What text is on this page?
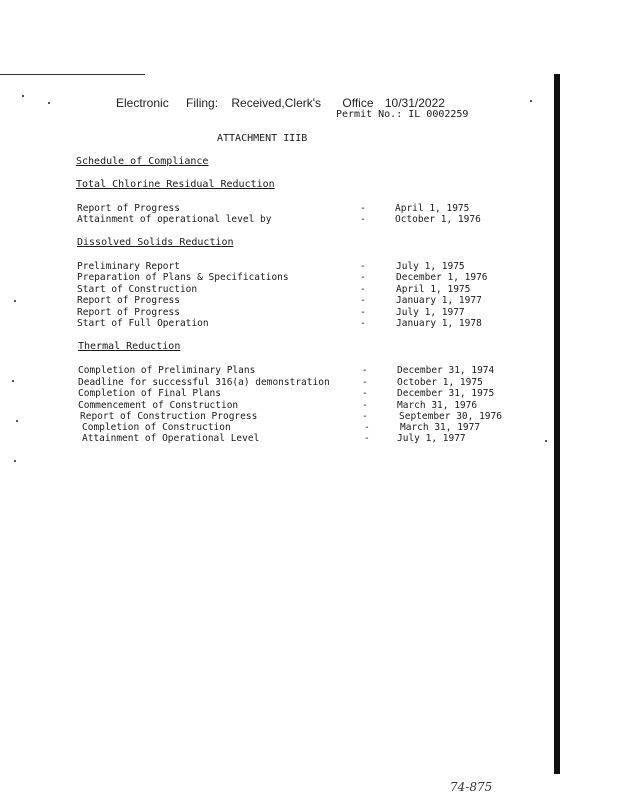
Electronic Filing: Received,Clerk's Office 10/31/2022
Permit No.: IL 0002259
ATTACHMENT IIIB
Schedule of Compliance
Total Chlorine Residual Reduction
Report of Progress	-	April 1, 1975
Attainment of operational level by	-	October 1, 1976
Dissolved Solids Reduction
Preliminary Report	-	July 1, 1975
Preparation of Plans & Specifications	-	December 1, 1976
Start of Construction	-	April 1, 1975
Report of Progress	-	January 1, 1977
Report of Progress	-	July 1, 1977
Start of Full Operation	-	January 1, 1978
Thermal Reduction
Completion of Preliminary Plans	-	December 31, 1974
Deadline for successful 316(a) demonstration	-	October 1, 1975
Completion of Final Plans	-	December 31, 1975
Commencement of Construction	-	March 31, 1976
Report of Construction Progress	-	September 30, 1976
Completion of Construction	-	March 31, 1977
Attainment of Operational Level	-	July 1, 1977
74-875
